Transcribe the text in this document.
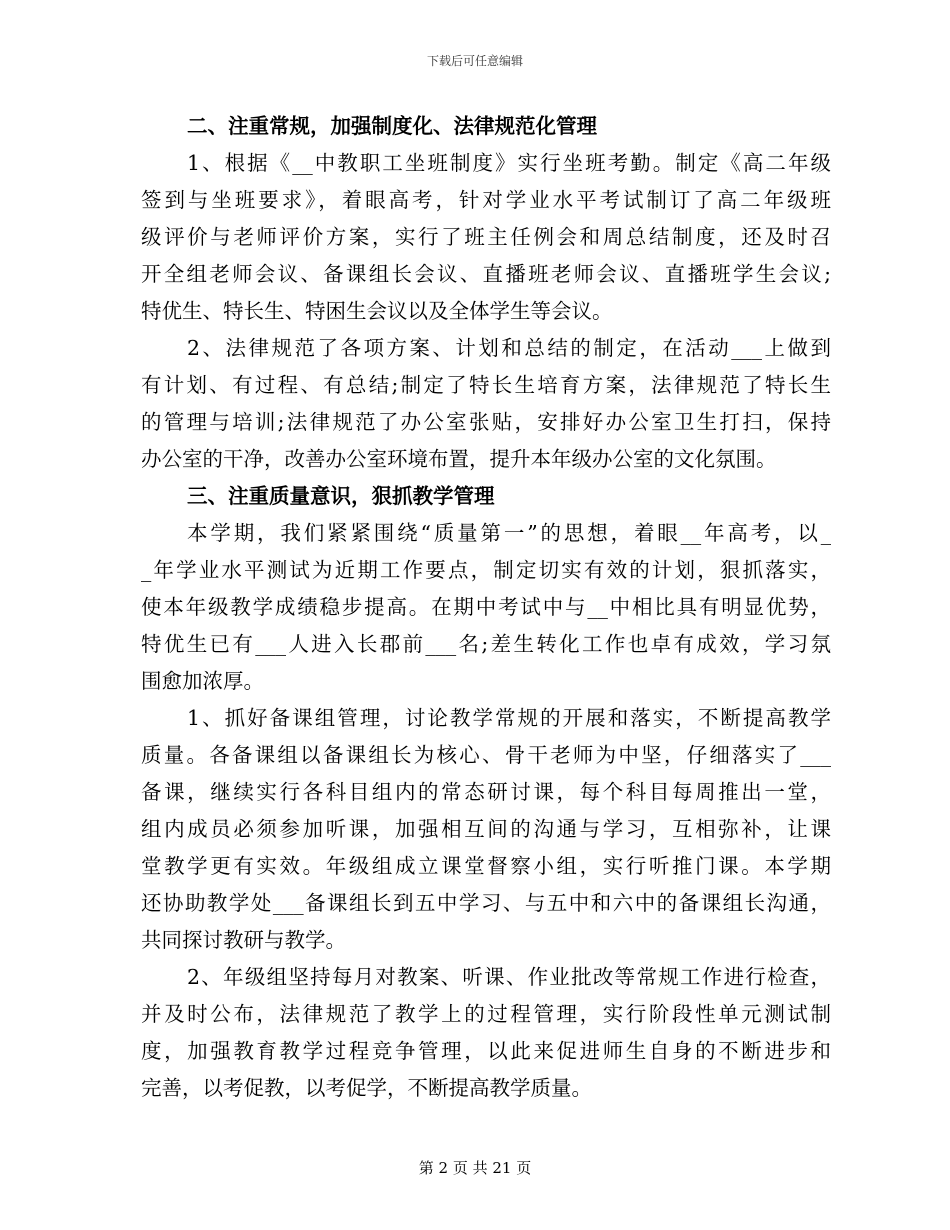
下载后可任意编辑
二、注重常规，加强制度化、法律规范化管理
1、根据《__中教职工坐班制度》实行坐班考勤。制定《高二年级
签到与坐班要求》，着眼高考，针对学业水平考试制订了高二年级班
级评价与老师评价方案，实行了班主任例会和周总结制度，还及时召
开全组老师会议、备课组长会议、直播班老师会议、直播班学生会议;
特优生、特长生、特困生会议以及全体学生等会议。
2、法律规范了各项方案、计划和总结的制定，在活动___上做到
有计划、有过程、有总结;制定了特长生培育方案，法律规范了特长生
的管理与培训;法律规范了办公室张贴，安排好办公室卫生打扫，保持
办公室的干净，改善办公室环境布置，提升本年级办公室的文化氛围。
三、注重质量意识，狠抓教学管理
本学期，我们紧紧围绕“质量第一”的思想，着眼__年高考，以_
_年学业水平测试为近期工作要点，制定切实有效的计划，狠抓落实，
使本年级教学成绩稳步提高。在期中考试中与__中相比具有明显优势，
特优生已有___人进入长郡前___名;差生转化工作也卓有成效，学习氛
围愈加浓厚。
1、抓好备课组管理，讨论教学常规的开展和落实，不断提高教学
质量。各备课组以备课组长为核心、骨干老师为中坚，仔细落实了___
备课，继续实行各科目组内的常态研讨课，每个科目每周推出一堂，
组内成员必须参加听课，加强相互间的沟通与学习，互相弥补，让课
堂教学更有实效。年级组成立课堂督察小组，实行听推门课。本学期
还协助教学处___备课组长到五中学习、与五中和六中的备课组长沟通，
共同探讨教研与教学。
2、年级组坚持每月对教案、听课、作业批改等常规工作进行检查，
并及时公布，法律规范了教学上的过程管理，实行阶段性单元测试制
度，加强教育教学过程竞争管理，以此来促进师生自身的不断进步和
完善，以考促教，以考促学，不断提高教学质量。
第 2 页 共 21 页
